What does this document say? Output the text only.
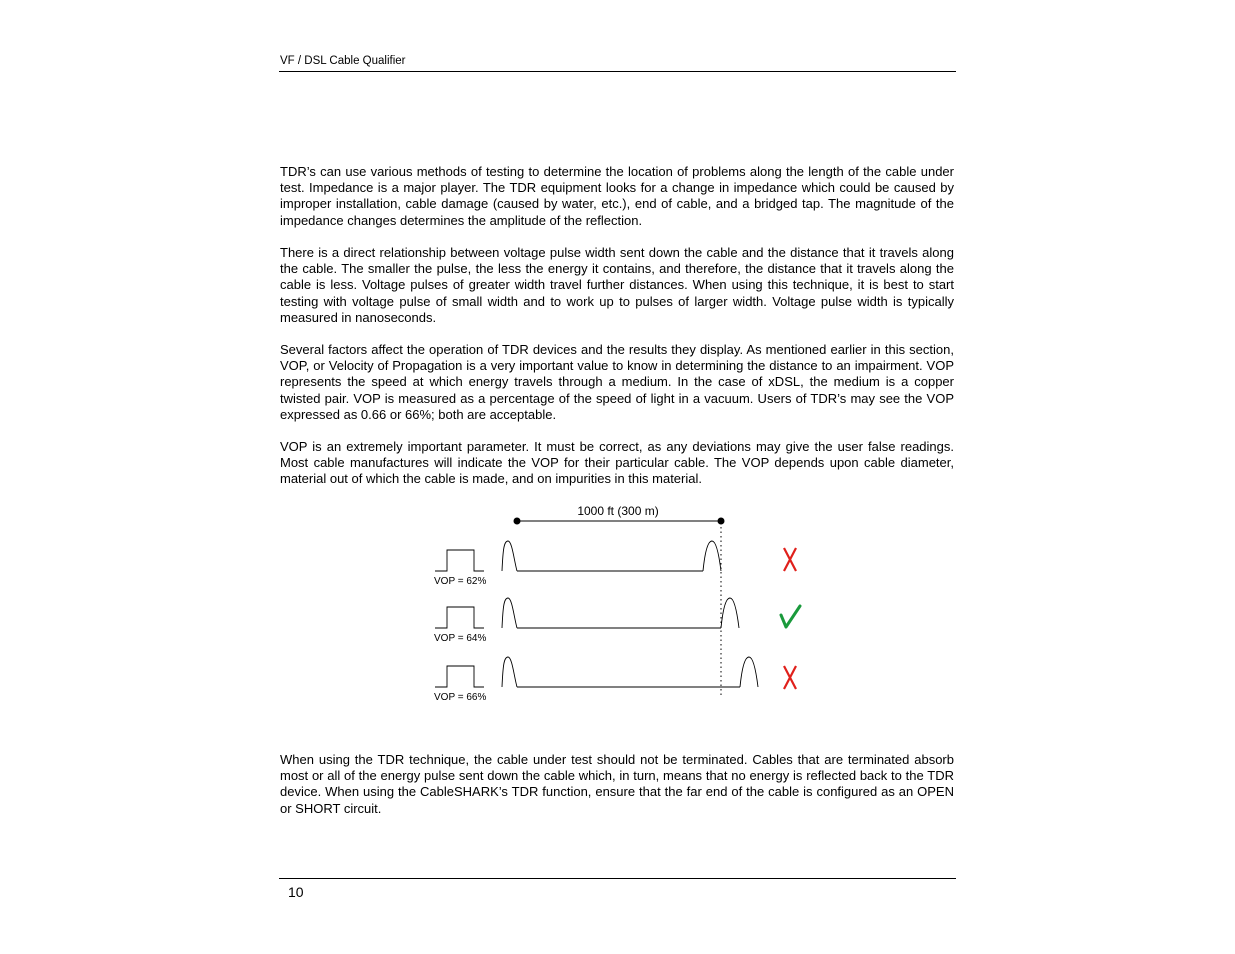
VF / DSL Cable Qualifier

TDR’s can use various methods of testing to determine the location of problems along the length of the cable under test. Impedance is a major player. The TDR equipment looks for a change in impedance which could be caused by improper installation, cable damage (caused by water, etc.), end of cable, and a bridged tap. The magnitude of the impedance changes determines the amplitude of the reflection.

There is a direct relationship between voltage pulse width sent down the cable and the distance that it travels along the cable. The smaller the pulse, the less the energy it contains, and therefore, the distance that it travels along the cable is less. Voltage pulses of greater width travel further distances. When using this technique, it is best to start testing with voltage pulse of small width and to work up to pulses of larger width. Voltage pulse width is typically measured in nanoseconds.

Several factors affect the operation of TDR devices and the results they display. As mentioned earlier in this section, VOP, or Velocity of Propagation is a very important value to know in determining the distance to an impairment. VOP represents the speed at which energy travels through a medium. In the case of xDSL, the medium is a copper twisted pair. VOP is measured as a percentage of the speed of light in a vacuum. Users of TDR’s may see the VOP expressed as 0.66 or 66%; both are acceptable.

VOP is an extremely important parameter. It must be correct, as any deviations may give the user false readings. Most cable manufactures will indicate the VOP for their particular cable. The VOP depends upon cable diameter, material out of which the cable is made, and on impurities in this material.

1000 ft (300 m)
VOP = 62%
VOP = 64%
VOP = 66%

When using the TDR technique, the cable under test should not be terminated. Cables that are terminated absorb most or all of the energy pulse sent down the cable which, in turn, means that no energy is reflected back to the TDR device. When using the CableSHARK’s TDR function, ensure that the far end of the cable is configured as an OPEN or SHORT circuit.

10
